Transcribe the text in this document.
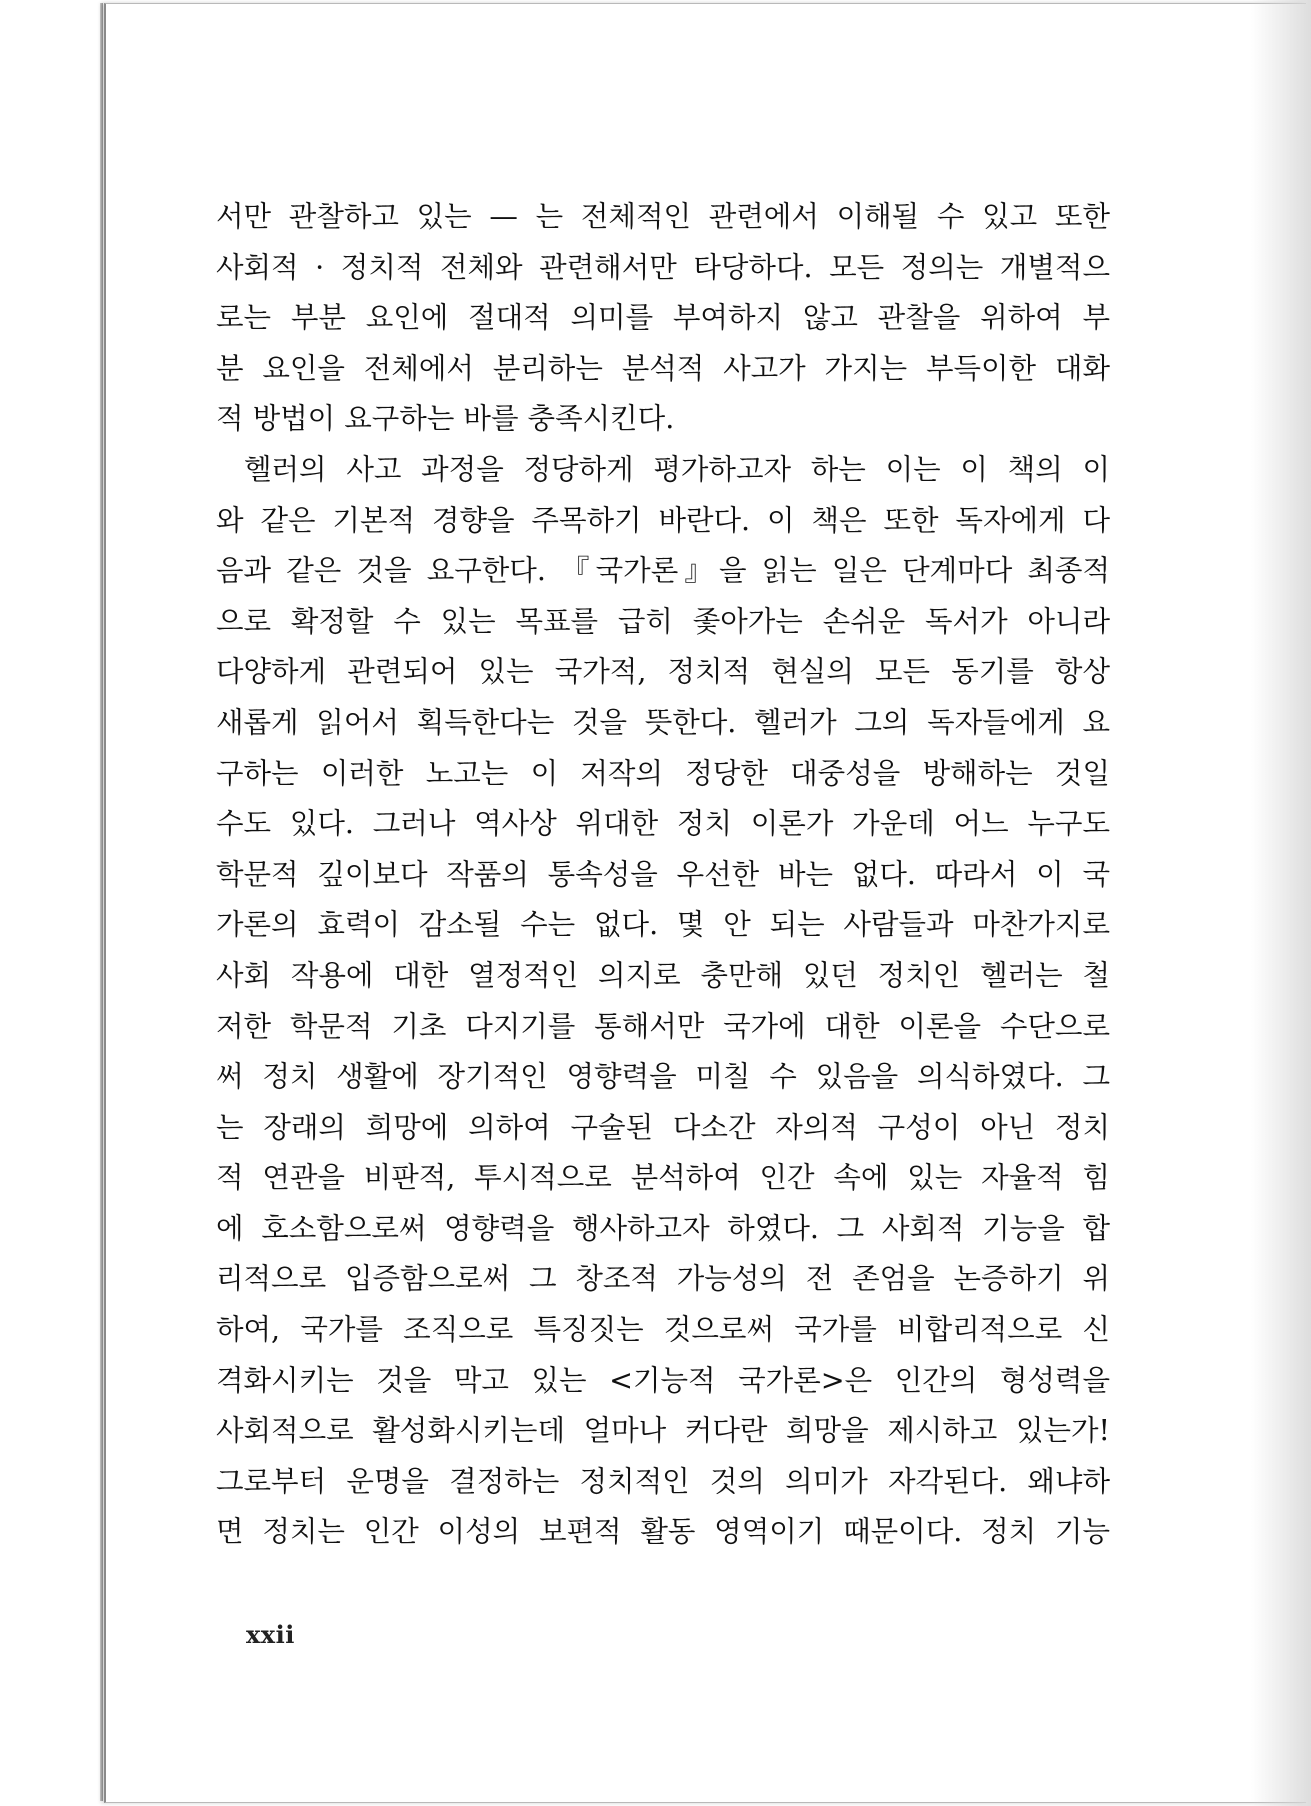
서만 관찰하고 있는 — 는 전체적인 관련에서 이해될 수 있고 또한
사회적 · 정치적 전체와 관련해서만 타당하다. 모든 정의는 개별적으
로는 부분 요인에 절대적 의미를 부여하지 않고 관찰을 위하여 부
분 요인을 전체에서 분리하는 분석적 사고가 가지는 부득이한 대화
적 방법이 요구하는 바를 충족시킨다.
헬러의 사고 과정을 정당하게 평가하고자 하는 이는 이 책의 이
와 같은 기본적 경향을 주목하기 바란다. 이 책은 또한 독자에게 다
음과 같은 것을 요구한다. 『국가론』을 읽는 일은 단계마다 최종적
으로 확정할 수 있는 목표를 급히 좇아가는 손쉬운 독서가 아니라
다양하게 관련되어 있는 국가적, 정치적 현실의 모든 동기를 항상
새롭게 읽어서 획득한다는 것을 뜻한다. 헬러가 그의 독자들에게 요
구하는 이러한 노고는 이 저작의 정당한 대중성을 방해하는 것일
수도 있다. 그러나 역사상 위대한 정치 이론가 가운데 어느 누구도
학문적 깊이보다 작품의 통속성을 우선한 바는 없다. 따라서 이 국
가론의 효력이 감소될 수는 없다. 몇 안 되는 사람들과 마찬가지로
사회 작용에 대한 열정적인 의지로 충만해 있던 정치인 헬러는 철
저한 학문적 기초 다지기를 통해서만 국가에 대한 이론을 수단으로
써 정치 생활에 장기적인 영향력을 미칠 수 있음을 의식하였다. 그
는 장래의 희망에 의하여 구술된 다소간 자의적 구성이 아닌 정치
적 연관을 비판적, 투시적으로 분석하여 인간 속에 있는 자율적 힘
에 호소함으로써 영향력을 행사하고자 하였다. 그 사회적 기능을 합
리적으로 입증함으로써 그 창조적 가능성의 전 존엄을 논증하기 위
하여, 국가를 조직으로 특징짓는 것으로써 국가를 비합리적으로 신
격화시키는 것을 막고 있는 <기능적 국가론>은 인간의 형성력을
사회적으로 활성화시키는데 얼마나 커다란 희망을 제시하고 있는가!
그로부터 운명을 결정하는 정치적인 것의 의미가 자각된다. 왜냐하
면 정치는 인간 이성의 보편적 활동 영역이기 때문이다. 정치 기능
xxii
